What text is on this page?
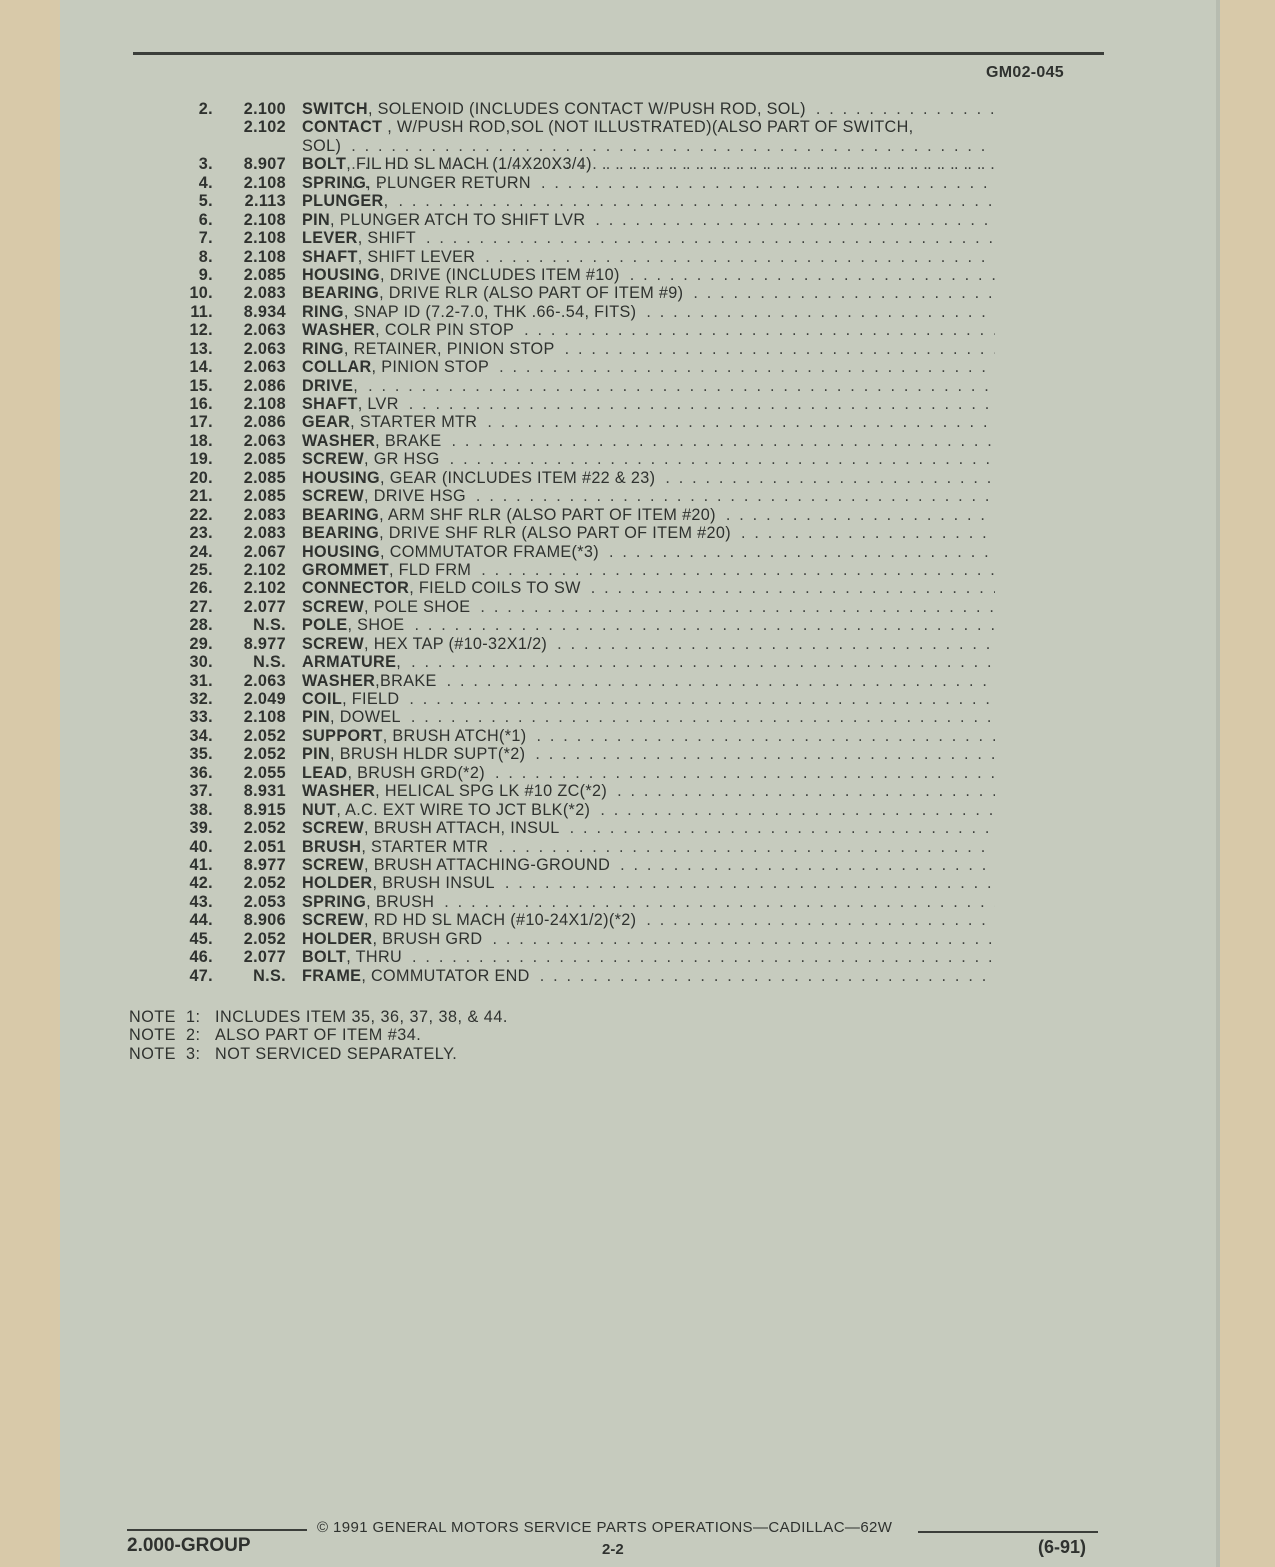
GM02-045
2.	2.100 SWITCH , SOLENOID (INCLUDES CONTACT W/PUSH ROD, SOL)
. . .
2.102 CONTACT , W/PUSH ROD,SOL (NOT ILLUSTRATED)(ALSO PART OF SWITCH,
SOL)
. . .
3.	8.907 BOLT , FIL HD SL MACH (1/4X20X3/4)
. . .
4.	2.108 SPRING , PLUNGER RETURN
. . .
5.	2.113 PLUNGER ,
. . .
6.	2.108 PIN , PLUNGER ATCH TO SHIFT LVR
. . .
7.	2.108 LEVER , SHIFT
. . .
8.	2.108 SHAFT , SHIFT LEVER
. . .
9.	2.085 HOUSING , DRIVE (INCLUDES ITEM #10)
. . .
10.	2.083 BEARING , DRIVE RLR (ALSO PART OF ITEM #9)
. . .
11.	8.934 RING , SNAP ID (7.2-7.0, THK .66-.54, FITS)
. . .
12.	2.063 WASHER , COLR PIN STOP
. . .
13.	2.063 RING , RETAINER, PINION STOP
. . .
14.	2.063 COLLAR , PINION STOP
. . .
15.	2.086 DRIVE ,
. . .
16.	2.108 SHAFT , LVR
. . .
17.	2.086 GEAR , STARTER MTR
. . .
18.	2.063 WASHER , BRAKE
. . .
19.	2.085 SCREW , GR HSG
. . .
20.	2.085 HOUSING , GEAR (INCLUDES ITEM #22 & 23)
. . .
21.	2.085 SCREW , DRIVE HSG
. . .
22.	2.083 BEARING , ARM SHF RLR (ALSO PART OF ITEM #20)
. . .
23.	2.083 BEARING , DRIVE SHF RLR (ALSO PART OF ITEM #20)
. . .
24.	2.067 HOUSING , COMMUTATOR FRAME(*3)
. . .
25.	2.102 GROMMET , FLD FRM
. . .
26.	2.102 CONNECTOR , FIELD COILS TO SW
. . .
27.	2.077 SCREW , POLE SHOE
. . .
28.	N.S. POLE , SHOE
. . .
29.	8.977 SCREW , HEX TAP (#10-32X1/2)
. . .
30.	N.S. ARMATURE ,
. . .
31.	2.063 WASHER ,BRAKE
. . .
32.	2.049 COIL , FIELD
. . .
33.	2.108 PIN , DOWEL
. . .
34.	2.052 SUPPORT , BRUSH ATCH(*1)
. . .
35.	2.052 PIN , BRUSH HLDR SUPT(*2)
. . .
36.	2.055 LEAD , BRUSH GRD(*2)
. . .
37.	8.931 WASHER , HELICAL SPG LK #10 ZC(*2)
. . .
38.	8.915 NUT , A.C. EXT WIRE TO JCT BLK(*2)
. . .
39.	2.052 SCREW , BRUSH ATTACH, INSUL
. . .
40.	2.051 BRUSH , STARTER MTR
. . .
41.	8.977 SCREW , BRUSH ATTACHING-GROUND
. . .
42.	2.052 HOLDER , BRUSH INSUL
. . .
43.	2.053 SPRING , BRUSH
. . .
44.	8.906 SCREW , RD HD SL MACH (#10-24X1/2)(*2)
. . .
45.	2.052 HOLDER , BRUSH GRD
. . .
46.	2.077 BOLT , THRU
. . .
47.	N.S. FRAME , COMMUTATOR END
. . .
NOTE  1: INCLUDES ITEM 35, 36, 37, 38, & 44.
NOTE  2: ALSO PART OF ITEM #34.
NOTE  3: NOT SERVICED SEPARATELY.
© 1991 GENERAL MOTORS SERVICE PARTS OPERATIONS—CADILLAC—62W
2.000-GROUP	2-2	(6-91)
